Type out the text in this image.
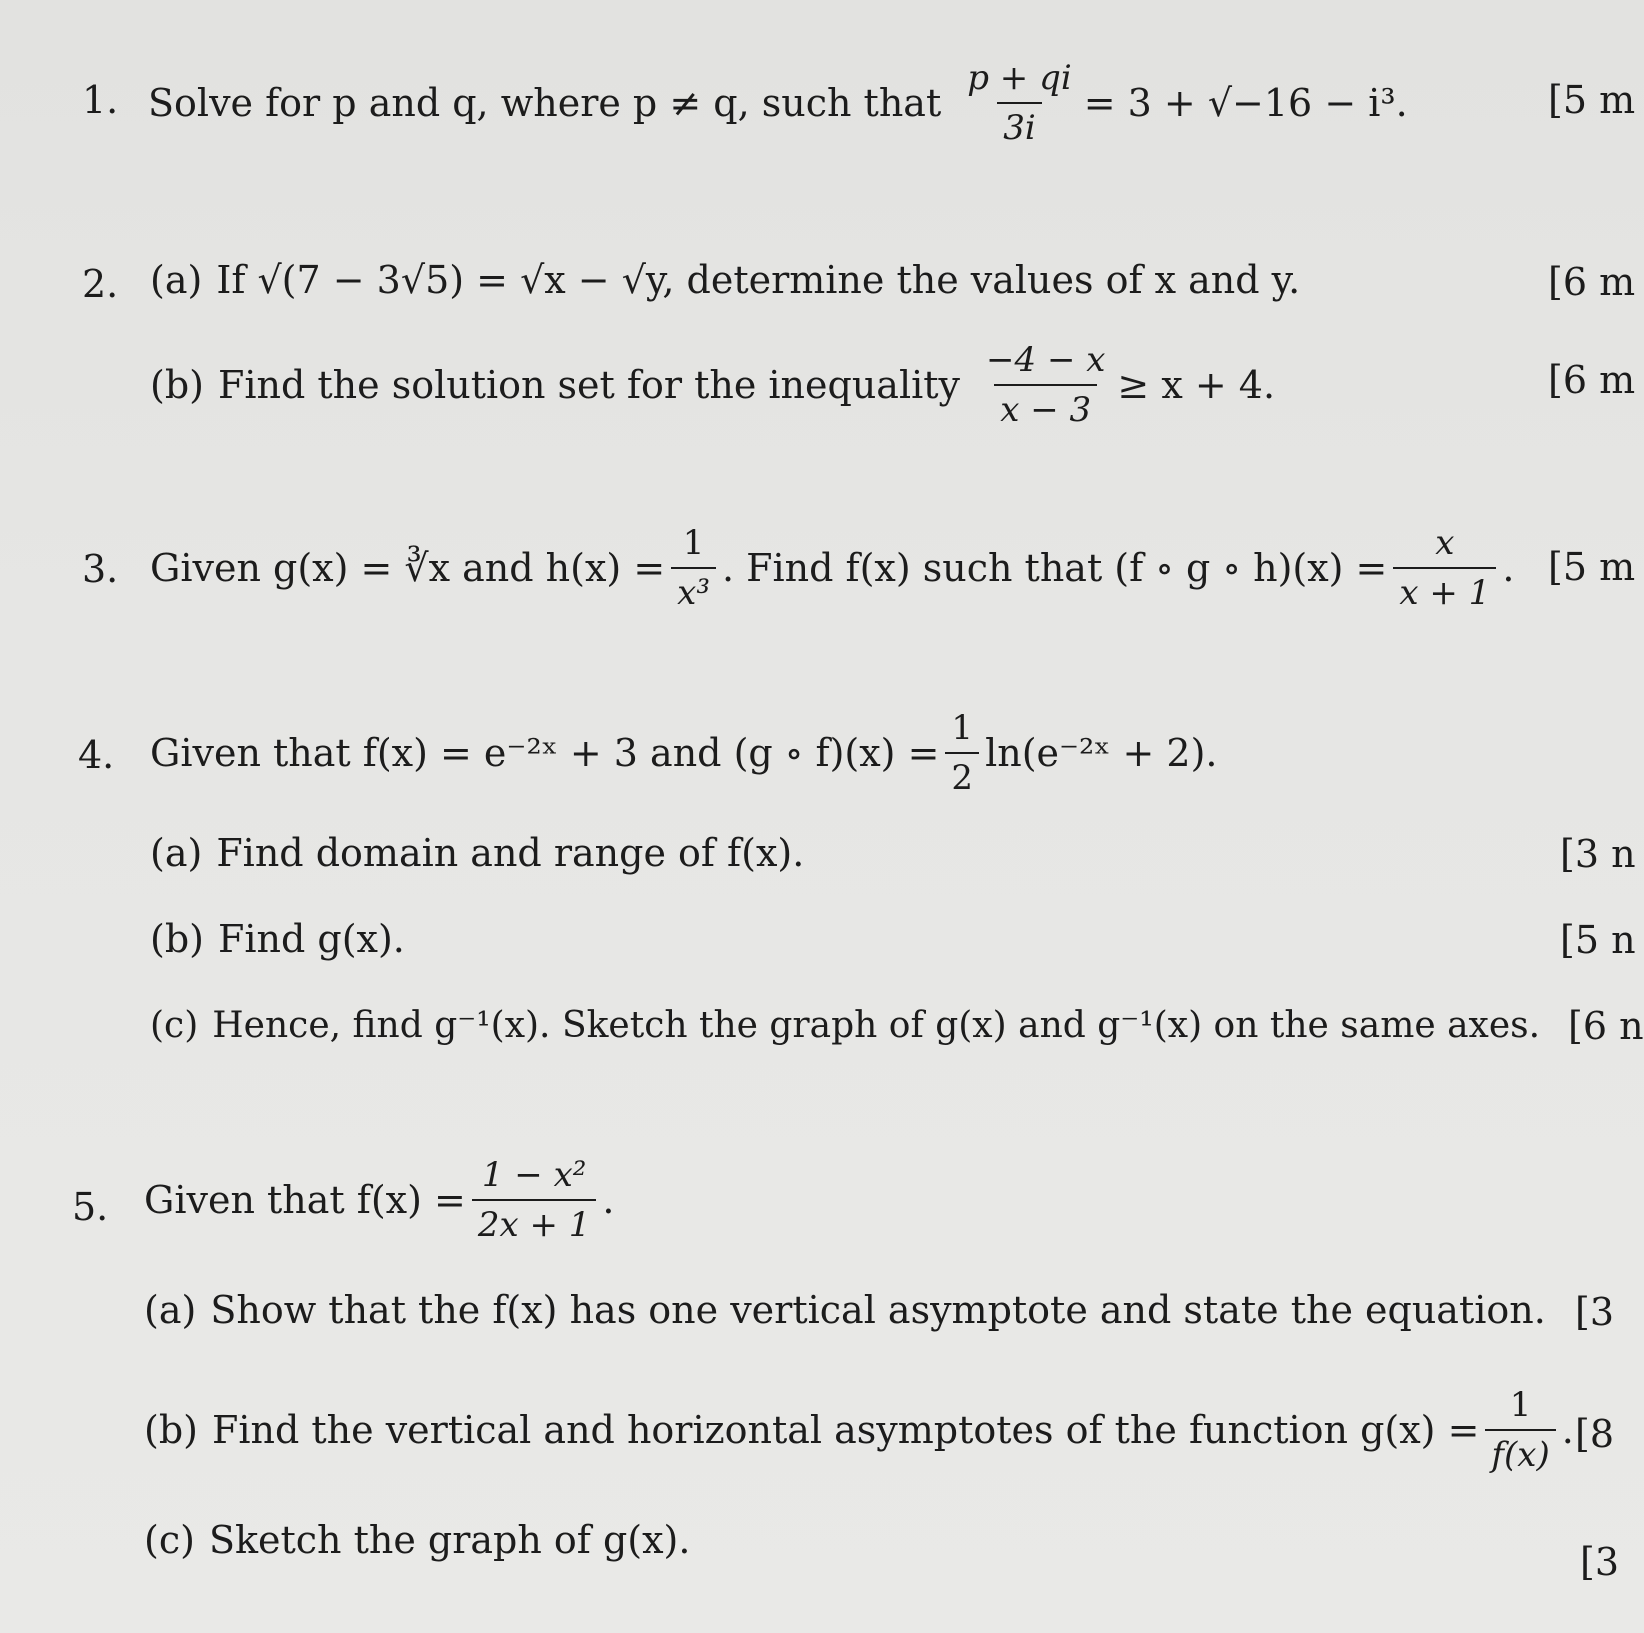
1. Solve for p and q, where p ≠ q, such that $\frac{p + qi}{3i} = 3 + √-16 - i^3$.	[5 m
2. (a) If √(7 − 3√5) = √x − √y, determine the values of x and y.	[6 m
(b) Find the solution set for the inequality $\frac{-4 - x}{x - 3} \ge x + 4$.	[6 m
3. Given g(x) = ∛x and $h(x) = \frac{1}{\text{x³}}$ . Find f(x) such that (f ∘ g ∘ $h)(x) = \frac{x}{x + 1}$ . [5 m
4. Given that f(x) = e⁻²ˣ + 3 and (g ∘ $f)(x) = \frac{1}{2}$ ln(e⁻²ˣ + 2).
(a) Find domain and range of f(x).	[3 n
(b) Find g(x).	[5 n
(c) Hence, find g⁻¹(x). Sketch the graph of g(x) and g⁻¹(x) on the same axes. [6 n
5. Given that $f(x) = \frac{\text{1 − x²}}{2x + 1}$ .
(a) Show that the f(x) has one vertical asymptote and state the equation. [3
(b) Find the vertical and horizontal asymptotes of the function $g(x) = \frac{1}{f(x)}$ . [8
(c) Sketch the graph of g(x).	[3
